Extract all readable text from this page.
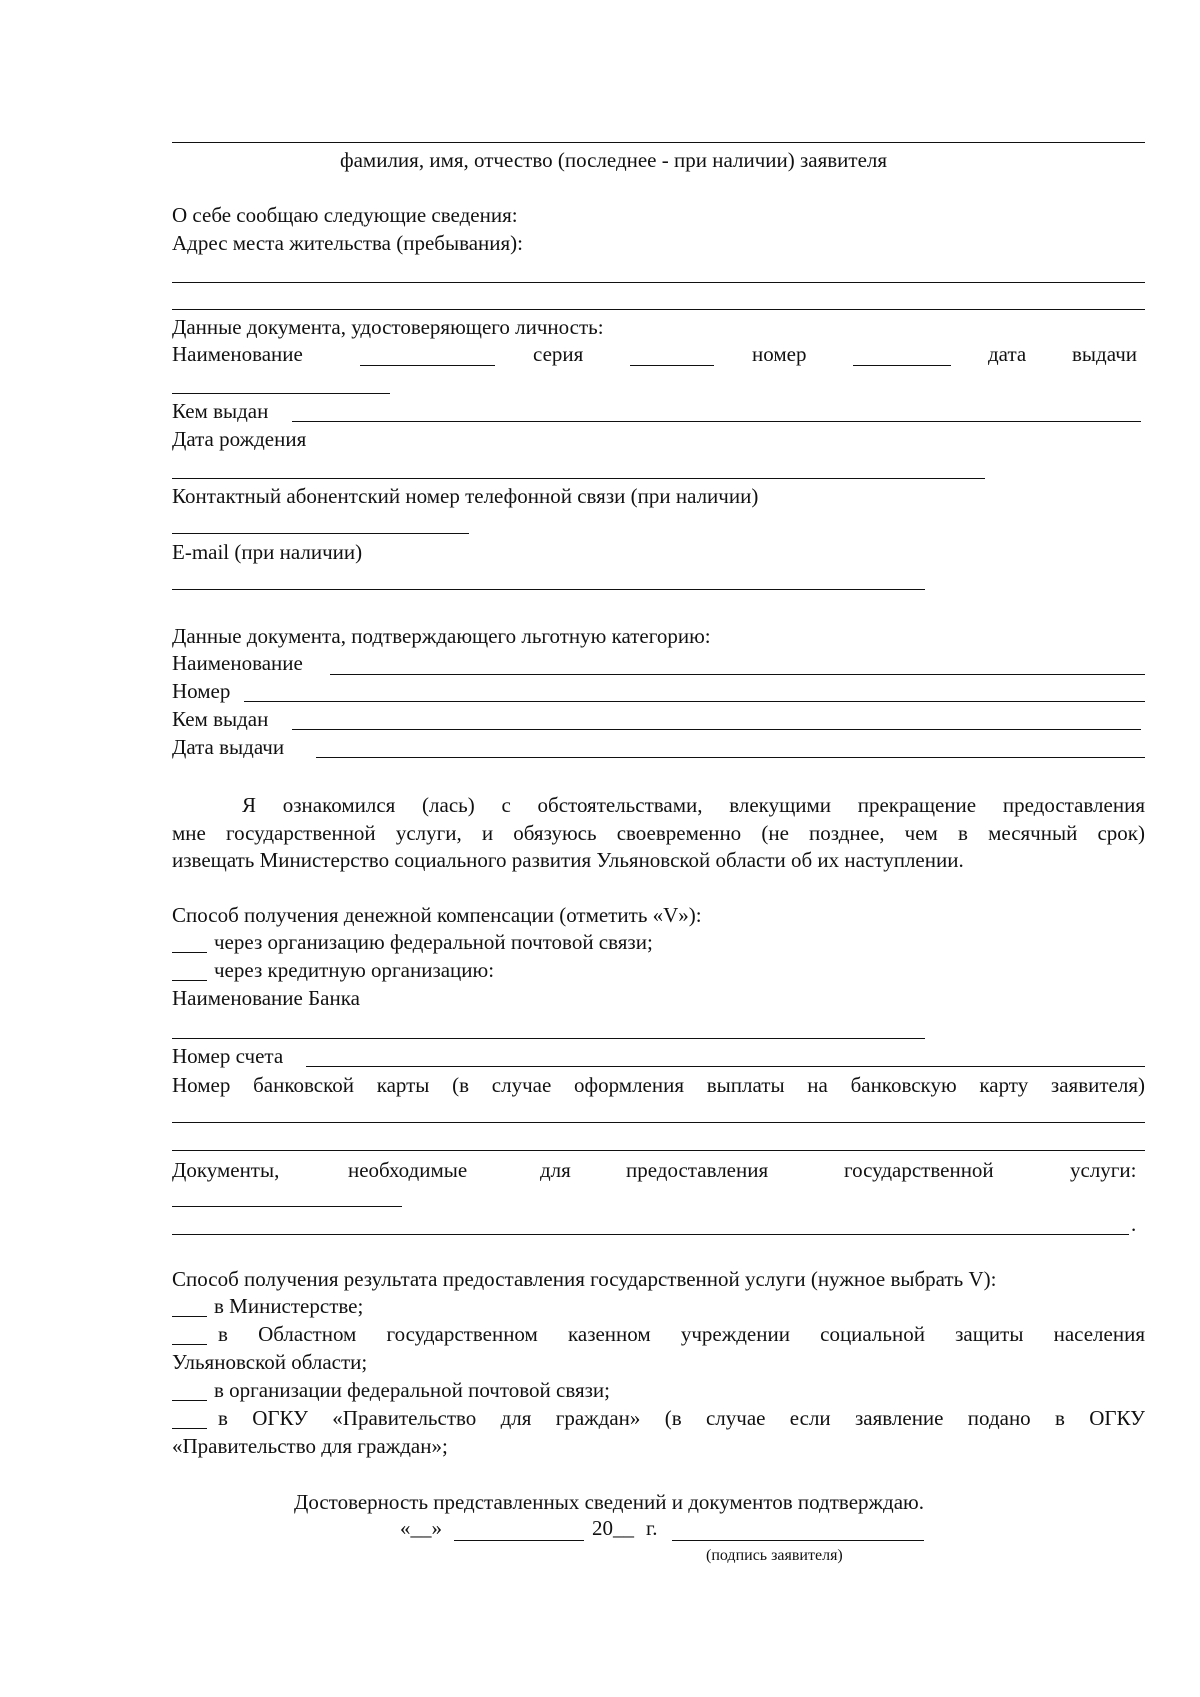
фамилия, имя, отчество (последнее - при наличии) заявителя
О себе сообщаю следующие сведения:
Адрес места жительства (пребывания):
Данные документа, удостоверяющего личность:
Наименование	серия	номер	дата выдачи
Кем выдан
Дата рождения
Контактный абонентский номер телефонной связи (при наличии)
E-mail (при наличии)
Данные документа, подтверждающего льготную категорию:
Наименование
Номер
Кем выдан
Дата выдачи
Я ознакомился (лась) с обстоятельствами, влекущими прекращение предоставления
мне государственной услуги, и обязуюсь своевременно (не позднее, чем в месячный срок)
извещать Министерство социального развития Ульяновской области об их наступлении.
Способ получения денежной компенсации (отметить «V»):
через организацию федеральной почтовой связи;
через кредитную организацию:
Наименование Банка
Номер счета
Номер банковской карты (в случае оформления выплаты на банковскую карту заявителя)
Документы,	необходимые	для	предоставления	государственной	услуги:
.
Способ получения результата предоставления государственной услуги (нужное выбрать V):
в Министерстве;
в Областном государственном казенном учреждении социальной защиты населения
Ульяновской области;
в организации федеральной почтовой связи;
в ОГКУ «Правительство для граждан» (в случае если заявление подано в ОГКУ
«Правительство для граждан»;
Достоверность представленных сведений и документов подтверждаю.
«__»	20__ г.
(подпись заявителя)
